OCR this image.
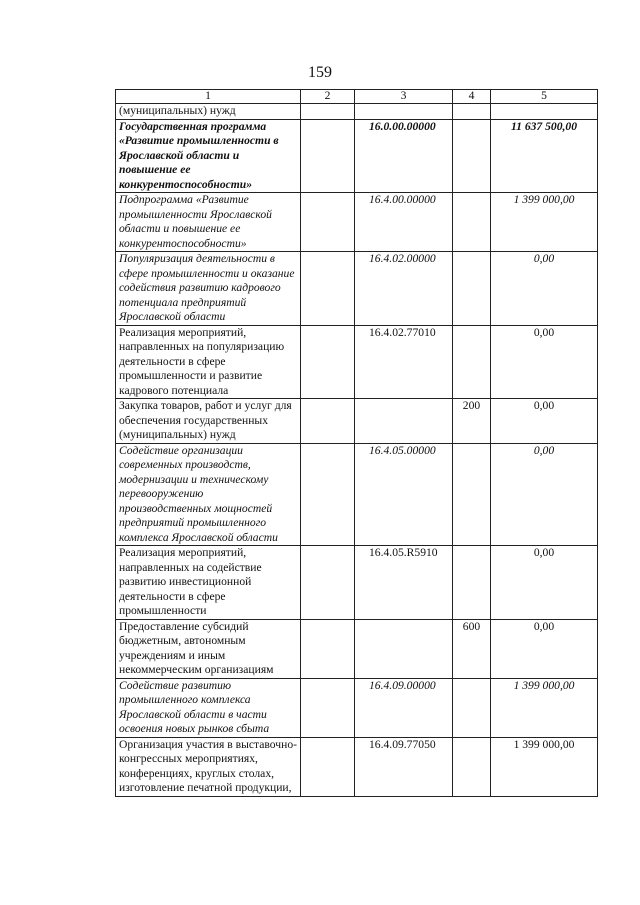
159
1	2	3	4	5
(муниципальных) нужд				
Государственная программа «Развитие промышленности в Ярославской области и повышение ее конкурентоспособности»		16.0.00.00000		11 637 500,00
Подпрограмма «Развитие промышленности Ярославской области и повышение ее конкурентоспособности»		16.4.00.00000		1 399 000,00
Популяризация деятельности в сфере промышленности и оказание содействия развитию кадрового потенциала предприятий Ярославской области		16.4.02.00000		0,00
Реализация мероприятий, направленных на популяризацию деятельности в сфере промышленности и развитие кадрового потенциала		16.4.02.77010		0,00
Закупка товаров, работ и услуг для обеспечения государственных (муниципальных) нужд			200	0,00
Содействие организации современных производств, модернизации и техническому перевооружению производственных мощностей предприятий промышленного комплекса Ярославской области		16.4.05.00000		0,00
Реализация мероприятий, направленных на содействие развитию инвестиционной деятельности в сфере промышленности		16.4.05.R5910		0,00
Предоставление субсидий бюджетным, автономным учреждениям и иным некоммерческим организациям			600	0,00
Содействие развитию промышленного комплекса Ярославской области в части освоения новых рынков сбыта		16.4.09.00000		1 399 000,00
Организация участия в выставочно-конгрессных мероприятиях, конференциях, круглых столах, изготовление печатной продукции,		16.4.09.77050		1 399 000,00
